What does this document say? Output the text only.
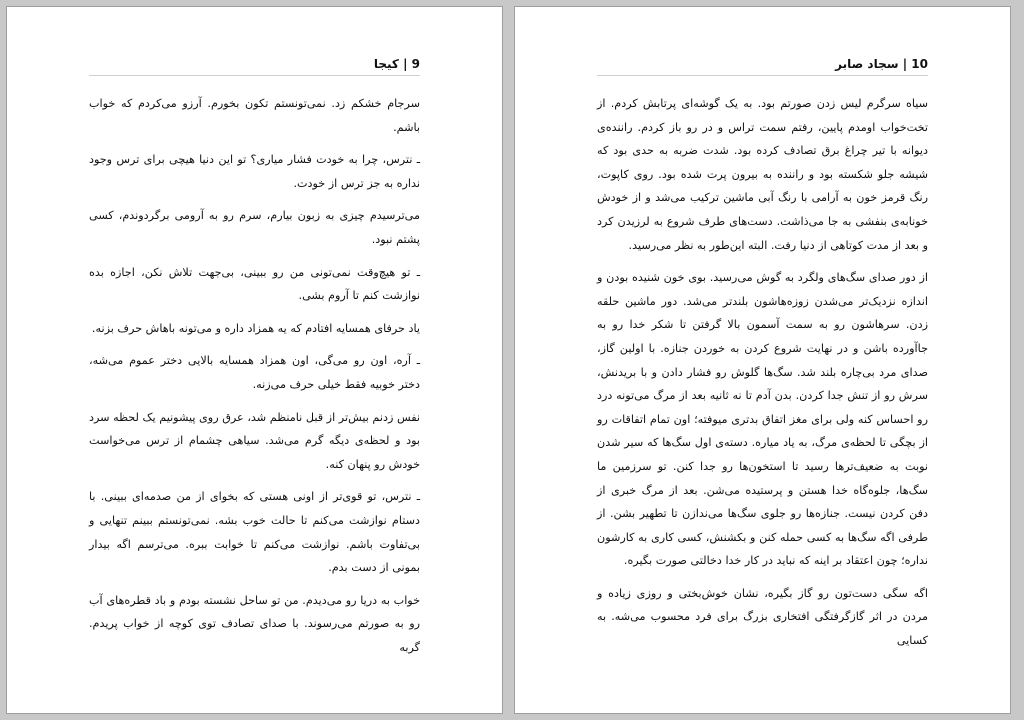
9 | کیجا

سرجام خشکم زد. نمی‌تونستم تکون بخورم. آرزو می‌کردم که خواب باشم.

ـ نترس، چرا به خودت فشار میاری؟ تو این دنیا هیچی برای ترس وجود نداره به جز ترس از خودت.

می‌ترسیدم چیزی به زبون بیارم، سرم رو به آرومی برگردوندم، کسی پشتم نبود.

ـ تو هیچ‌وقت نمی‌تونی من رو ببینی، بی‌جهت تلاش نکن، اجازه بده نوازشت کنم تا آروم بشی.

یاد حرفای همسایه افتادم که یه همزاد داره و می‌تونه باهاش حرف بزنه.

ـ آره، اون رو می‌گی، اون همزاد همسایه بالایی دختر عموم می‌شه، دختر خوبیه فقط خیلی حرف می‌زنه.

نفس زدنم بیش‌تر از قبل نامنظم شد، عرق روی پیشونیم یک لحظه سرد بود و لحظه‌ی دیگه گرم می‌شد. سیاهی چشمام از ترس می‌خواست خودش رو پنهان کنه.

ـ نترس، تو قوی‌تر از اونی هستی که بخوای از من صدمه‌ای ببینی. با دستام نوازشت می‌کنم تا حالت خوب بشه. نمی‌تونستم ببینم تنهایی و بی‌تفاوت باشم. نوازشت می‌کنم تا خوابت ببره. می‌ترسم اگه بیدار بمونی از دست بدم.

خواب به دریا رو می‌دیدم. من تو ساحل نشسته بودم و باد قطره‌های آب رو به صورتم می‌رسوند. با صدای تصادف توی کوچه از خواب پریدم. گربه

10 | سجاد صابر

سیاه سرگرم لیس زدن صورتم بود. به یک گوشه‌ای پرتابش کردم. از تخت‌خواب اومدم پایین، رفتم سمت تراس و در رو باز کردم. راننده‌ی دیوانه با تیر چراغ برق تصادف کرده بود. شدت ضربه به حدی بود که شیشه جلو شکسته بود و راننده به بیرون پرت شده بود. روی کاپوت، رنگ قرمز خون به آرامی با رنگ آبی ماشین ترکیب می‌شد و از خودش خونابه‌ی بنفشی به جا می‌ذاشت. دست‌های طرف شروع به لرزیدن کرد و بعد از مدت کوتاهی از دنیا رفت. البته این‌طور به نظر می‌رسید.

از دور صدای سگ‌های ولگرد به گوش می‌رسید. بوی خون شنیده بودن و اندازه نزدیک‌تر می‌شدن زوزه‌هاشون بلندتر می‌شد. دور ماشین حلقه زدن. سرهاشون رو به سمت آسمون بالا گرفتن تا شکر خدا رو به جاآورده باشن و در نهایت شروع کردن به خوردن جنازه. با اولین گاز، صدای مرد بی‌چاره بلند شد. سگ‌ها گلوش رو فشار دادن و با بریدنش، سرش رو از تنش جدا کردن. بدن آدم تا نه ثانیه بعد از مرگ می‌تونه درد رو احساس کنه ولی برای مغز اتفاق بدتری میوفته؛ اون تمام اتفاقات رو از بچگی تا لحظه‌ی مرگ، به یاد میاره. دسته‌ی اول سگ‌ها که سیر شدن نوبت به ضعیف‌ترها رسید تا استخون‌ها رو جدا کنن. تو سرزمین ما سگ‌ها، جلوه‌گاه خدا هستن و پرستیده می‌شن. بعد از مرگ خبری از دفن کردن نیست. جنازه‌ها رو جلوی سگ‌ها می‌ندازن تا تطهیر بشن. از طرفی اگه سگ‌ها به کسی حمله کنن و بکشنش، کسی کاری به کارشون نداره؛ چون اعتقاد بر اینه که نباید در کار خدا دخالتی صورت بگیره.

اگه سگی دست‌تون رو گاز بگیره، نشان خوش‌بختی و روزی زیاده و مردن در اثر گازگرفتگی افتخاری بزرگ برای فرد محسوب می‌شه. به کسایی
